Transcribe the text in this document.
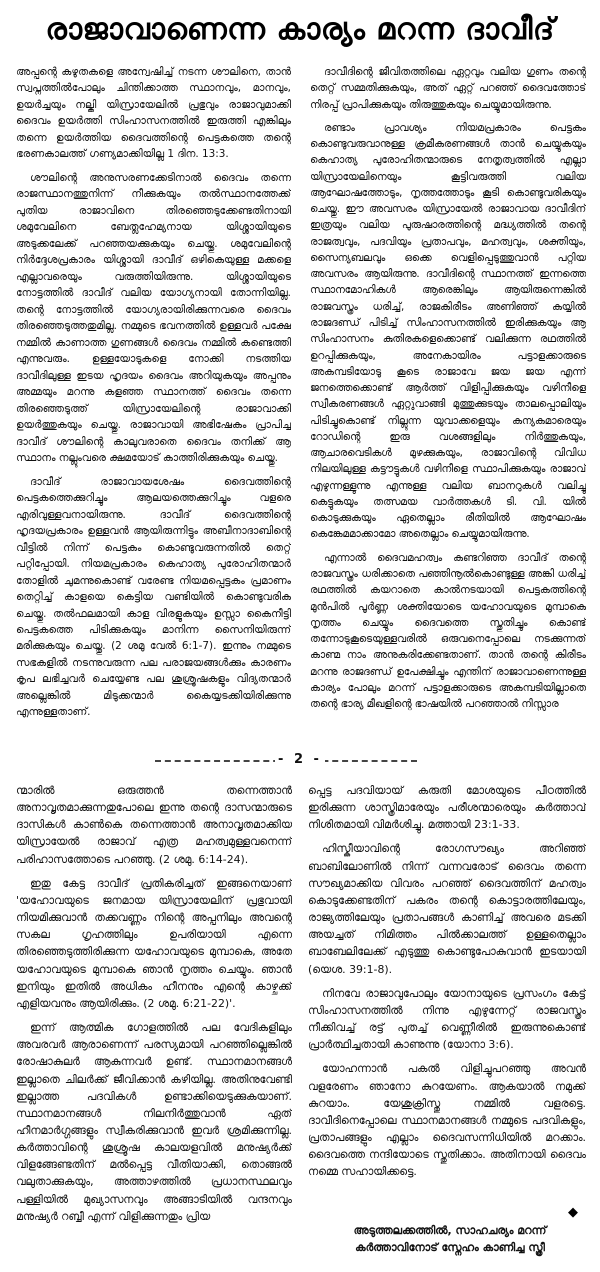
രാജാവാണെന്ന കാര്യം മറന്ന ദാവീദ്

അപ്പന്റെ കഴുതകളെ അന്വേഷിച്ച് നടന്ന ശൗലിനെ, താൻ സ്വപ്നത്തിൽപോലും ചിന്തിക്കാത്ത സ്ഥാനവും, മാനവും, ഉയർച്ചയും നല്കി യിസ്രായേലിൽ പ്രഭുവും രാജാവുമാക്കി ദൈവം ഉയർത്തി സിംഹാസനത്തിൽ ഇരുത്തി എങ്കിലും തന്നെ ഉയർത്തിയ ദൈവത്തിന്റെ പെട്ടകത്തെ തന്റെ ഭരണകാലത്ത് ഗണ്യമാക്കിയില്ല 1 ദിന. 13:3.

ശൗലിന്റെ അനുസരണക്കേടിനാൽ ദൈവം തന്നെ രാജസ്ഥാനത്തുനിന്ന് നീക്കുകയും തൽസ്ഥാനത്തേക്ക് പുതിയ രാജാവിനെ തിരഞ്ഞെടുക്കേണ്ടതിനായി ശമുവേലിനെ ബേത്ലഹേമ്യനായ യിശ്ശായിയുടെ അടുക്കലേക്ക് പറഞ്ഞയക്കുകയും ചെയ്തു. ശമുവേലിന്റെ നിർദ്ദേശപ്രകാരം യിശ്ശായി ദാവീദ് ഒഴികെയുള്ള മക്കളെ എല്ലാവരെയും വരുത്തിയിരുന്നു. യിശ്ശായിയുടെ നോട്ടത്തിൽ ദാവീദ് വലിയ യോഗ്യനായി തോന്നിയില്ല. തന്റെ നോട്ടത്തിൽ യോഗ്യരായിരിക്കുന്നവരെ ദൈവം തിരഞ്ഞെടുത്തതുമില്ല. നമ്മുടെ ഭവനത്തിൽ ഉള്ളവർ പക്ഷേ നമ്മിൽ കാണാത്ത ഗുണങ്ങൾ ദൈവം നമ്മിൽ കണ്ടെത്തി എന്നുവരും. ഉള്ളയോടുകളെ നോക്കി നടത്തിയ ദാവീദിലുള്ള ഇടയ ഹൃദയം ദൈവം അറിയുകയും അപ്പനും അമ്മയും മറന്നു കളഞ്ഞ സ്ഥാനത്ത് ദൈവം തന്നെ തിരഞ്ഞെടുത്ത് യിസ്രായേലിന്റെ രാജാവാക്കി ഉയർത്തുകയും ചെയ്തു. രാജാവായി അഭിഷേകം പ്രാപിച്ച ദാവീദ് ശൗലിന്റെ കാലുവരാതെ ദൈവം തനിക്ക് ആ സ്ഥാനം നല്ലുംവരെ ക്ഷമയോട് കാത്തിരിക്കുകയും ചെയ്തു.

ദാവീദ് രാജാവായശേഷം ദൈവത്തിന്റെ പെട്ടകത്തെക്കുറിച്ചും ആലയത്തെക്കുറിച്ചും വളരെ എരിവുള്ളവനായിരുന്നു. ദാവീദ് ദൈവത്തിന്റെ ഹൃദയപ്രകാരം ഉള്ളവൻ ആയിരുന്നിട്ടും അബീനാദാബിന്റെ വീട്ടിൽ നിന്ന് പെട്ടകം കൊണ്ടുവരുന്നതിൽ തെറ്റ് പറ്റിപ്പോയി. നിയമപ്രകാരം കെഹാത്യ പുരോഹിതന്മാർ തോളിൽ ചുമന്നുകൊണ്ട് വരേണ്ട നിയമപ്പെട്ടകം പ്രമാണം തെറ്റിച്ച് കാളയെ കെട്ടിയ വണ്ടിയിൽ കൊണ്ടുവരിക ചെയ്തു. തൽഫലമായി കാള വിരളുകയും ഉസ്സാ കൈനീട്ടി പെട്ടകത്തെ പിടിക്കുകയും മാനിന്ന സൈനിയിരുന്ന് മരിക്കുകയും ചെയ്തു. (2 ശമു വേൽ 6:1-7). ഇന്നും നമ്മുടെ സഭകളിൽ നടന്നുവരുന്ന പല പരാജയങ്ങൾക്കും കാരണം കൃപ ലഭിച്ചവർ ചെയ്യേണ്ട പല ശുശ്രൂഷകളും വിദ്യതന്മാർ അല്ലെങ്കിൽ മിടുക്കന്മാർ കൈയ്യടക്കിയിരിക്കുന്നു എന്നുള്ളതാണ്.

ദാവീദിന്റെ ജീവിതത്തിലെ ഏറ്റവും വലിയ ഗുണം തന്റെ തെറ്റ് സമ്മതിക്കുകയും, അത് ഏറ്റ് പറഞ്ഞ് ദൈവത്തോട് നിരപ്പ് പ്രാപിക്കുകയും തിരുത്തുകയും ചെയ്യുമായിരുന്നു.

രണ്ടാം പ്രാവശ്യം നിയമപ്രകാരം പെട്ടകം കൊണ്ടുവരുവാനുള്ള ക്രമീകരണങ്ങൾ താൻ ചെയ്യുകയും കെഹാത്യ പുരോഹിതന്മാരുടെ നേതൃത്വത്തിൽ എല്ലാ യിസ്രായേലിനെയും കൂട്ടിവരുത്തി വലിയ ആഘോഷത്തോടും, നൃത്തത്തോടും കൂടി കൊണ്ടുവരികയും ചെയ്തു. ഈ അവസരം യിസ്രായേൽ രാജാവായ ദാവീദിന് ഇത്രയും വലിയ പുരുഷാരത്തിന്റെ മദ്ധ്യത്തിൽ തന്റെ രാജത്വവും, പദവിയും പ്രതാപവും, മഹത്വവും, ശക്തിയും, സൈന്യബലവും ഒക്കെ വെളിപ്പെടുത്തുവാൻ പറ്റിയ അവസരം ആയിരുന്നു. ദാവീദിന്റെ സ്ഥാനത്ത് ഇന്നത്തെ സ്ഥാനമോഹികൾ ആരെങ്കിലും ആയിരുന്നെങ്കിൽ രാജവസ്ത്രം ധരിച്ച്, രാജകിരീടം അണിഞ്ഞ് കയ്യിൽ രാജദണ്ഡ് പിടിച്ച് സിംഹാസനത്തിൽ ഇരിക്കുകയും ആ സിംഹാസനം കുതിരകളെക്കൊണ്ട് വലിക്കുന്ന രഥത്തിൽ ഉറപ്പിക്കുകയും, അനേകായിരം പട്ടാളക്കാരുടെ അകമ്പടിയോടു കൂടെ രാജാവേ ജയ ജയ എന്ന് ജനത്തെക്കൊണ്ട് ആർത്ത് വിളിപ്പിക്കുകയും വഴിനീളെ സ്വീകരണങ്ങൾ ഏറ്റുവാങ്ങി മുത്തുക്കുടയും താലപ്പൊലിയും പിടിച്ചുകൊണ്ട് നില്ലുന്ന യുവാക്കളെയും കന്യകമാരെയും റോഡിന്റെ ഇരു വശങ്ങളിലും നിർത്തുകയും, ആചാരവെടികൾ മുഴക്കുകയും, രാജാവിന്റെ വിവിധ നിലയിലുള്ള കട്ടൗട്ടുകൾ വഴിനീളെ സ്ഥാപിക്കുകയും രാജാവ് എഴുന്നള്ളുന്നു എന്നുള്ള വലിയ ബാനറുകൾ വലിച്ചു കെട്ടുകയും തത്സമയ വാർത്തകൾ ടി. വി. യിൽ കൊടുക്കുകയും ഏതെല്ലാം രീതിയിൽ ആഘോഷം കെങ്കേമമാക്കാമോ അതെല്ലാം ചെയ്യുമായിരുന്നു.

എന്നാൽ ദൈവമഹത്വം കണ്ടറിഞ്ഞ ദാവീദ് തന്റെ രാജവസ്ത്രം ധരിക്കാതെ പഞ്ഞിനൂൽകൊണ്ടുള്ള അങ്കി ധരിച്ച് രഥത്തിൽ കയറാതെ കാൽനടയായി പെട്ടകത്തിന്റെ മുൻപിൽ പൂർണ്ണ ശക്തിയോടെ യഹോവയുടെ മുമ്പാകെ നൃത്തം ചെയ്യും ദൈവത്തെ സ്തുതിച്ചും കൊണ്ട് തന്നോടുകൂടെയുള്ളവരിൽ ഒരുവനെപ്പോലെ നടക്കുന്നത് കാണ്മ നാം അനുകരിക്കേണ്ടതാണ്. താൻ തന്റെ കിരീടം മറന്നു രാജദണ്ഡ് ഉപേക്ഷിച്ചും എന്തിന് രാജാവാണെന്നുള്ള കാര്യം പോലും മറന്ന് പട്ടാളക്കാരുടെ അകമ്പടിയില്ലാതെ തന്റെ ഭാര്യ മീഖളിന്റെ ഭാഷയിൽ പറഞ്ഞാൽ നിസ്സാര

- 2 -

ന്മാരിൽ ഒരുത്തൻ തന്നെത്താൻ അനാവൃതമാക്കുന്നതുപോലെ ഇന്നു തന്റെ ദാസന്മാരുടെ ദാസികൾ കാൺകെ തന്നെത്താൻ അനാവൃതമാക്കിയ യിസ്രായേൽ രാജാവ് എത്ര മഹത്വമുള്ളവനെന്ന് പരിഹാസത്തോടെ പറഞ്ഞു. (2 ശമു. 6:14-24).

ഇതു കേട്ട ദാവീദ് പ്രതികരിച്ചത് ഇങ്ങനെയാണ് 'യഹോവയുടെ ജനമായ യിസ്രായേലിന് പ്രഭുവായി നിയമിക്കുവാൻ തക്കവണ്ണം നിന്റെ അപ്പനിലും അവന്റെ സകല ഗൃഹത്തിലും ഉപരിയായി എന്നെ തിരഞ്ഞെടുത്തിരിക്കുന്ന യഹോവയുടെ മുമ്പാകെ, അതേ യഹോവയുടെ മുമ്പാകെ ഞാൻ നൃത്തം ചെയ്യും. ഞാൻ ഇനിയും ഇതിൽ അധികം ഹീനനും എന്റെ കാഴ്ചക്ക് എളിയവനും ആയിരിക്കും. (2 ശമു. 6:21-22)'.

ഇന്ന് ആത്മിക ഗോളത്തിൽ പല വേദികളിലും അവരവർ ആരാണെന്ന് പരസ്യമായി പറഞ്ഞില്ലെങ്കിൽ രോഷാകുലർ ആകുന്നവർ ഉണ്ട്. സ്ഥാനമാനങ്ങൾ ഇല്ലാതെ ചിലർക്ക് ജീവിക്കാൻ കഴിയില്ല. അതിനുവേണ്ടി ഇല്ലാത്ത പദവികൾ ഉണ്ടാക്കിയെടുക്കുകയാണ്. സ്ഥാനമാനങ്ങൾ നിലനിർത്തുവാൻ ഏത് ഹീനമാർഗ്ഗങ്ങളും സ്വീകരിക്കുവാൻ ഇവർ ശ്രമിക്കുന്നില്ല. കർത്താവിന്റെ ശുശ്രൂഷ കാലയളവിൽ മനുഷ്യർക്ക് വിളങ്ങേണ്ടതിന് മൽപ്പെട്ട വീതിയാക്കി, തൊങ്ങൽ വലുതാക്കുകയും, അത്താഴത്തിൽ പ്രധാനസ്ഥലവും പള്ളിയിൽ മുഖ്യാസനവും അങ്ങാടിയിൽ വന്ദനവും മനുഷ്യർ റബ്ബീ എന്ന് വിളിക്കുന്നതും പ്രിയ

പ്പെട്ട പദവിയായ് കരുതി മോശയുടെ പീഠത്തിൽ ഇരിക്കുന്ന ശാസ്ത്രിമാരേയും പരീശന്മാരെയും കർത്താവ് നിശിതമായി വിമർശിച്ചു. മത്തായി 23:1-33.

ഹിസ്കീയാവിന്റെ രോഗസൗഖ്യം അറിഞ്ഞ് ബാബിലോണിൽ നിന്ന് വന്നവരോട് ദൈവം തന്നെ സൗഖ്യമാക്കിയ വിവരം പറഞ്ഞ് ദൈവത്തിന് മഹത്വം കൊടുക്കേണ്ടതിന് പകരം തന്റെ കൊട്ടാരത്തിലേയും, രാജ്യത്തിലേയും പ്രതാപങ്ങൾ കാണിച്ച് അവരെ മടക്കി അയച്ചത് നിമിത്തം പിൽക്കാലത്ത് ഉള്ളതെല്ലാം ബാബേലിലേക്ക് എടുത്തു കൊണ്ടുപോകുവാൻ ഇടയായി (യെശ. 39:1-8).

നിനവേ രാജാവുപോലും യോനായുടെ പ്രസംഗം കേട്ട് സിംഹാസനത്തിൽ നിന്നു എഴുന്നേറ്റ് രാജവസ്ത്രം നീക്കിവച്ച് രട്ട് പുതച്ച് വെണ്ണീരിൽ ഇരുന്നുകൊണ്ട് പ്രാർത്ഥിച്ചതായി കാണുന്നു (യോനാ 3:6).

യോഹന്നാൻ പകൽ വിളിച്ചുപറഞ്ഞു അവൻ വളരേണം ഞാനോ കുറയേണം. ആകയാൽ നമുക്ക് കുറയാം. യേശുക്രിസ്തു നമ്മിൽ വളരട്ടെ. ദാവീദിനെപ്പോലെ സ്ഥാനമാനങ്ങൾ നമ്മുടെ പദവികളും, പ്രതാപങ്ങളും എല്ലാം ദൈവസന്നിധിയിൽ മറക്കാം. ദൈവത്തെ നന്ദിയോടെ സ്തുതിക്കാം. അതിനായി ദൈവം നമ്മെ സഹായിക്കട്ടെ.

◆
അടുത്തലക്കത്തിൽ, സാഹചര്യം മറന്ന്
കർത്താവിനോട് സ്നേഹം കാണിച്ച സ്ത്രീ
